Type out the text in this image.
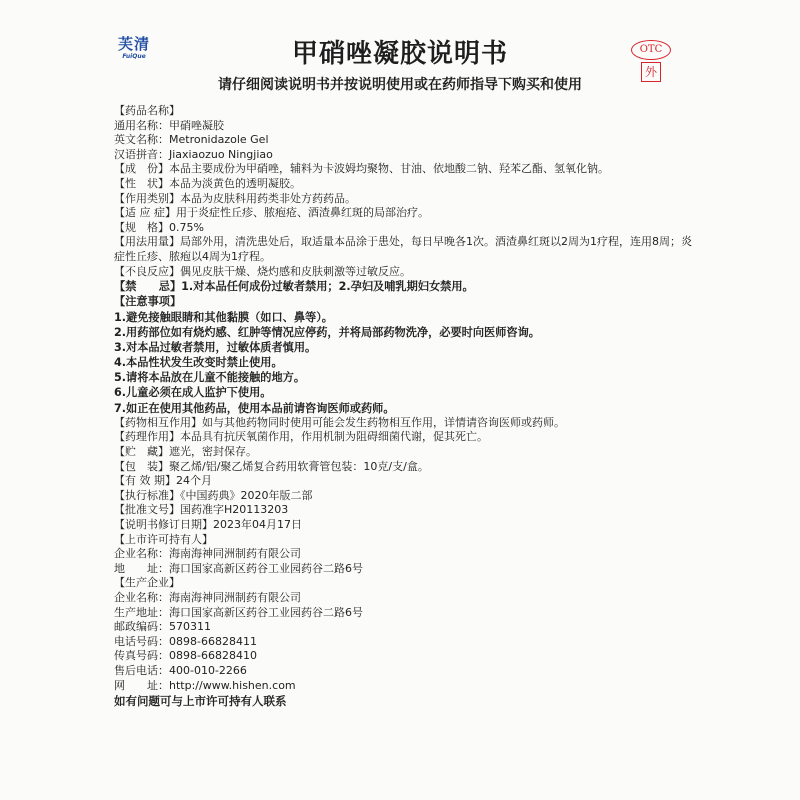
芙清
FuiQue	甲硝唑凝胶说明书	OTC
外
请仔细阅读说明书并按说明使用或在药师指导下购买和使用
【药品名称】
通用名称：甲硝唑凝胶
英文名称：Metronidazole Gel
汉语拼音：Jiaxiaozuo Ningjiao
【成　份】本品主要成份为甲硝唑，辅料为卡波姆均聚物、甘油、依地酸二钠、羟苯乙酯、氢氧化钠。
【性　状】本品为淡黄色的透明凝胶。
【作用类别】本品为皮肤科用药类非处方药药品。
【适 应 症】用于炎症性丘疹、脓疱疮、酒渣鼻红斑的局部治疗。
【规　格】0.75%
【用法用量】局部外用，清洗患处后，取适量本品涂于患处，每日早晚各1次。酒渣鼻红斑以2周为1疗程，连用8周；炎症性丘疹、脓疱以4周为1疗程。
【不良反应】偶见皮肤干燥、烧灼感和皮肤刺激等过敏反应。
【禁　　忌】1.对本品任何成份过敏者禁用；2.孕妇及哺乳期妇女禁用。
【注意事项】
1.避免接触眼睛和其他黏膜（如口、鼻等）。
2.用药部位如有烧灼感、红肿等情况应停药，并将局部药物洗净，必要时向医师咨询。
3.对本品过敏者禁用，过敏体质者慎用。
4.本品性状发生改变时禁止使用。
5.请将本品放在儿童不能接触的地方。
6.儿童必须在成人监护下使用。
7.如正在使用其他药品，使用本品前请咨询医师或药师。
【药物相互作用】如与其他药物同时使用可能会发生药物相互作用，详情请咨询医师或药师。
【药理作用】本品具有抗厌氧菌作用，作用机制为阻碍细菌代谢，促其死亡。
【贮　藏】遮光，密封保存。
【包　装】聚乙烯/铝/聚乙烯复合药用软膏管包装：10克/支/盒。
【有 效 期】24个月
【执行标准】《中国药典》2020年版二部
【批准文号】国药准字H20113203
【说明书修订日期】2023年04月17日
【上市许可持有人】
企业名称：海南海神同洲制药有限公司
地　　址：海口国家高新区药谷工业园药谷二路6号
【生产企业】
企业名称：海南海神同洲制药有限公司
生产地址：海口国家高新区药谷工业园药谷二路6号
邮政编码：570311
电话号码：0898-66828411
传真号码：0898-66828410
售后电话：400-010-2266
网　　址：http://www.hishen.com
如有问题可与上市许可持有人联系
